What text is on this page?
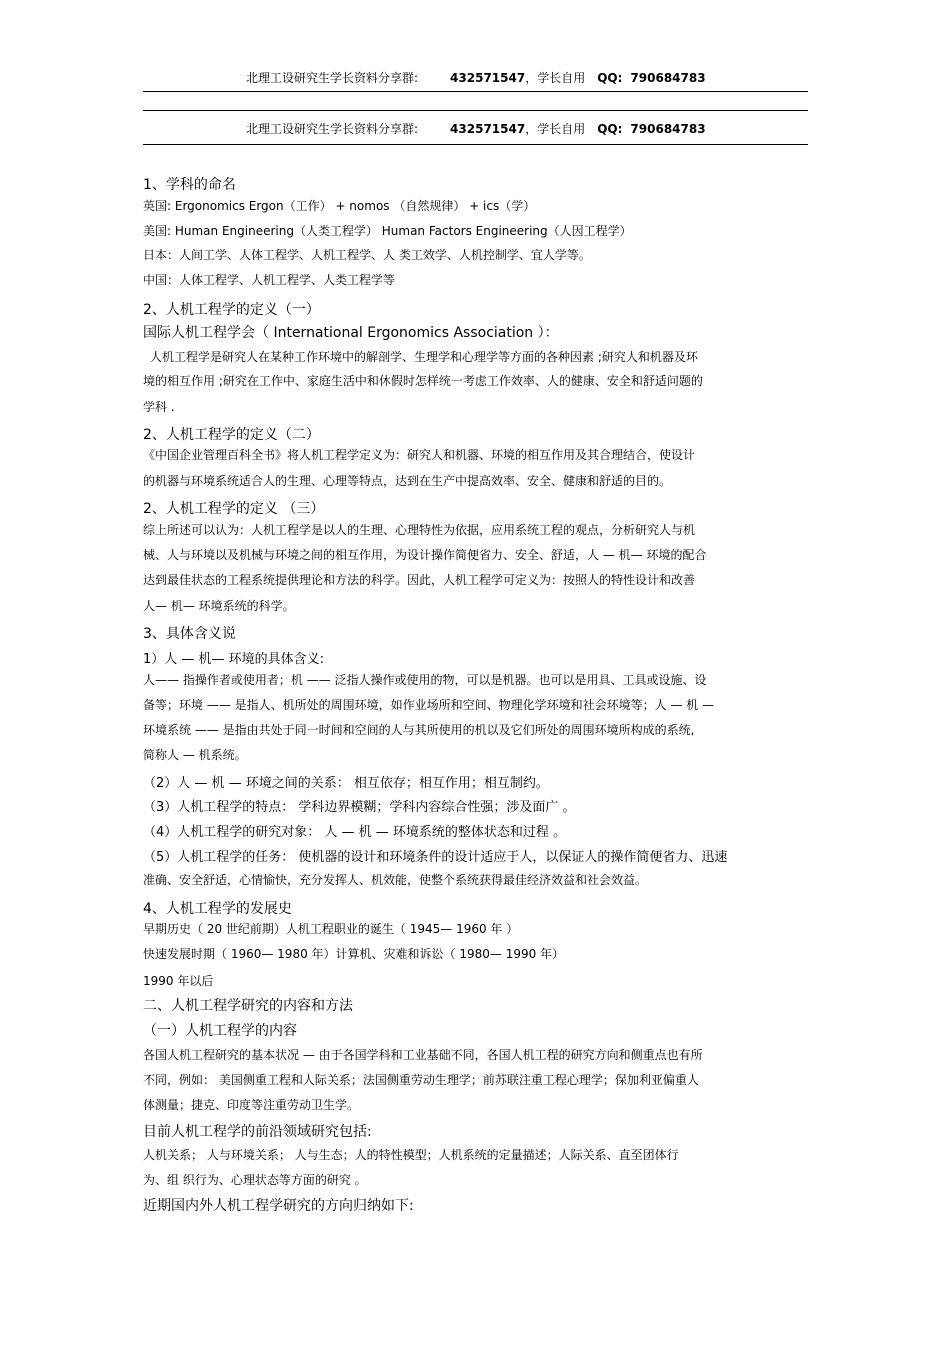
北理工设研究生学长资料分享群:	432571547，学长自用 QQ: 790684783
北理工设研究生学长资料分享群:	432571547，学长自用 QQ: 790684783
1、学科的命名
英国: Ergonomics Ergon（工作） + nomos （自然规律） + ics（学）
美国: Human Engineering（人类工程学） Human Factors Engineering（人因工程学）
日本：人间工学、人体工程学、人机工程学、人 类工效学、人机控制学、宜人学等。
中国：人体工程学、人机工程学、人类工程学等
2、人机工程学的定义（一）
国际人机工程学会（ International Ergonomics Association ）：
人机工程学是研究人在某种工作环境中的解剖学、生理学和心理学等方面的各种因素 ;研究人和机器及环
境的相互作用 ;研究在工作中、家庭生活中和休假时怎样统一考虑工作效率、人的健康、安全和舒适问题的
学科 .
2、人机工程学的定义（二）
《中国企业管理百科全书》将人机工程学定义为：研究人和机器、环境的相互作用及其合理结合，使设计
的机器与环境系统适合人的生理、心理等特点，达到在生产中提高效率、安全、健康和舒适的目的。
2、人机工程学的定义 （三）
综上所述可以认为：人机工程学是以人的生理、心理特性为依据，应用系统工程的观点，分析研究人与机
械、人与环境以及机械与环境之间的相互作用，为设计操作简便省力、安全、舒适，人 — 机— 环境的配合
达到最佳状态的工程系统提供理论和方法的科学。因此，人机工程学可定义为：按照人的特性设计和改善
人— 机— 环境系统的科学。
3、具体含义说
1）人 — 机— 环境的具体含义:
人—— 指操作者或使用者；机 —— 泛指人操作或使用的物，可以是机器。也可以是用具、工具或设施、设
备等；环境 —— 是指人、机所处的周围环境，如作业场所和空间、物理化学环境和社会环境等；人 — 机 —
环境系统 —— 是指由共处于同一时间和空间的人与其所使用的机以及它们所处的周围环境所构成的系统,
简称人 — 机系统。
（2）人 — 机 — 环境之间的关系： 相互依存；相互作用；相互制约。
（3）人机工程学的特点： 学科边界模糊；学科内容综合性强；涉及面广 。
（4）人机工程学的研究对象： 人 — 机 — 环境系统的整体状态和过程 。
（5）人机工程学的任务： 使机器的设计和环境条件的设计适应于人，以保证人的操作简便省力、迅速
准确、安全舒适，心情愉快，充分发挥人、机效能，使整个系统获得最佳经济效益和社会效益。
4、人机工程学的发展史
早期历史（ 20 世纪前期）人机工程职业的诞生（ 1945— 1960 年 ）
快速发展时期（ 1960— 1980 年）计算机、灾难和诉讼（ 1980— 1990 年）
1990 年以后
二、人机工程学研究的内容和方法
（一）人机工程学的内容
各国人机工程研究的基本状况 — 由于各国学科和工业基础不同，各国人机工程的研究方向和侧重点也有所
不同，例如： 美国侧重工程和人际关系；法国侧重劳动生理学；前苏联注重工程心理学；保加利亚偏重人
体测量；捷克、印度等注重劳动卫生学。
目前人机工程学的前沿领域研究包括:
人机关系； 人与环境关系； 人与生态；人的特性模型；人机系统的定量描述；人际关系、直至团体行
为、组 织行为、心理状态等方面的研究 。
近期国内外人机工程学研究的方向归纳如下:
